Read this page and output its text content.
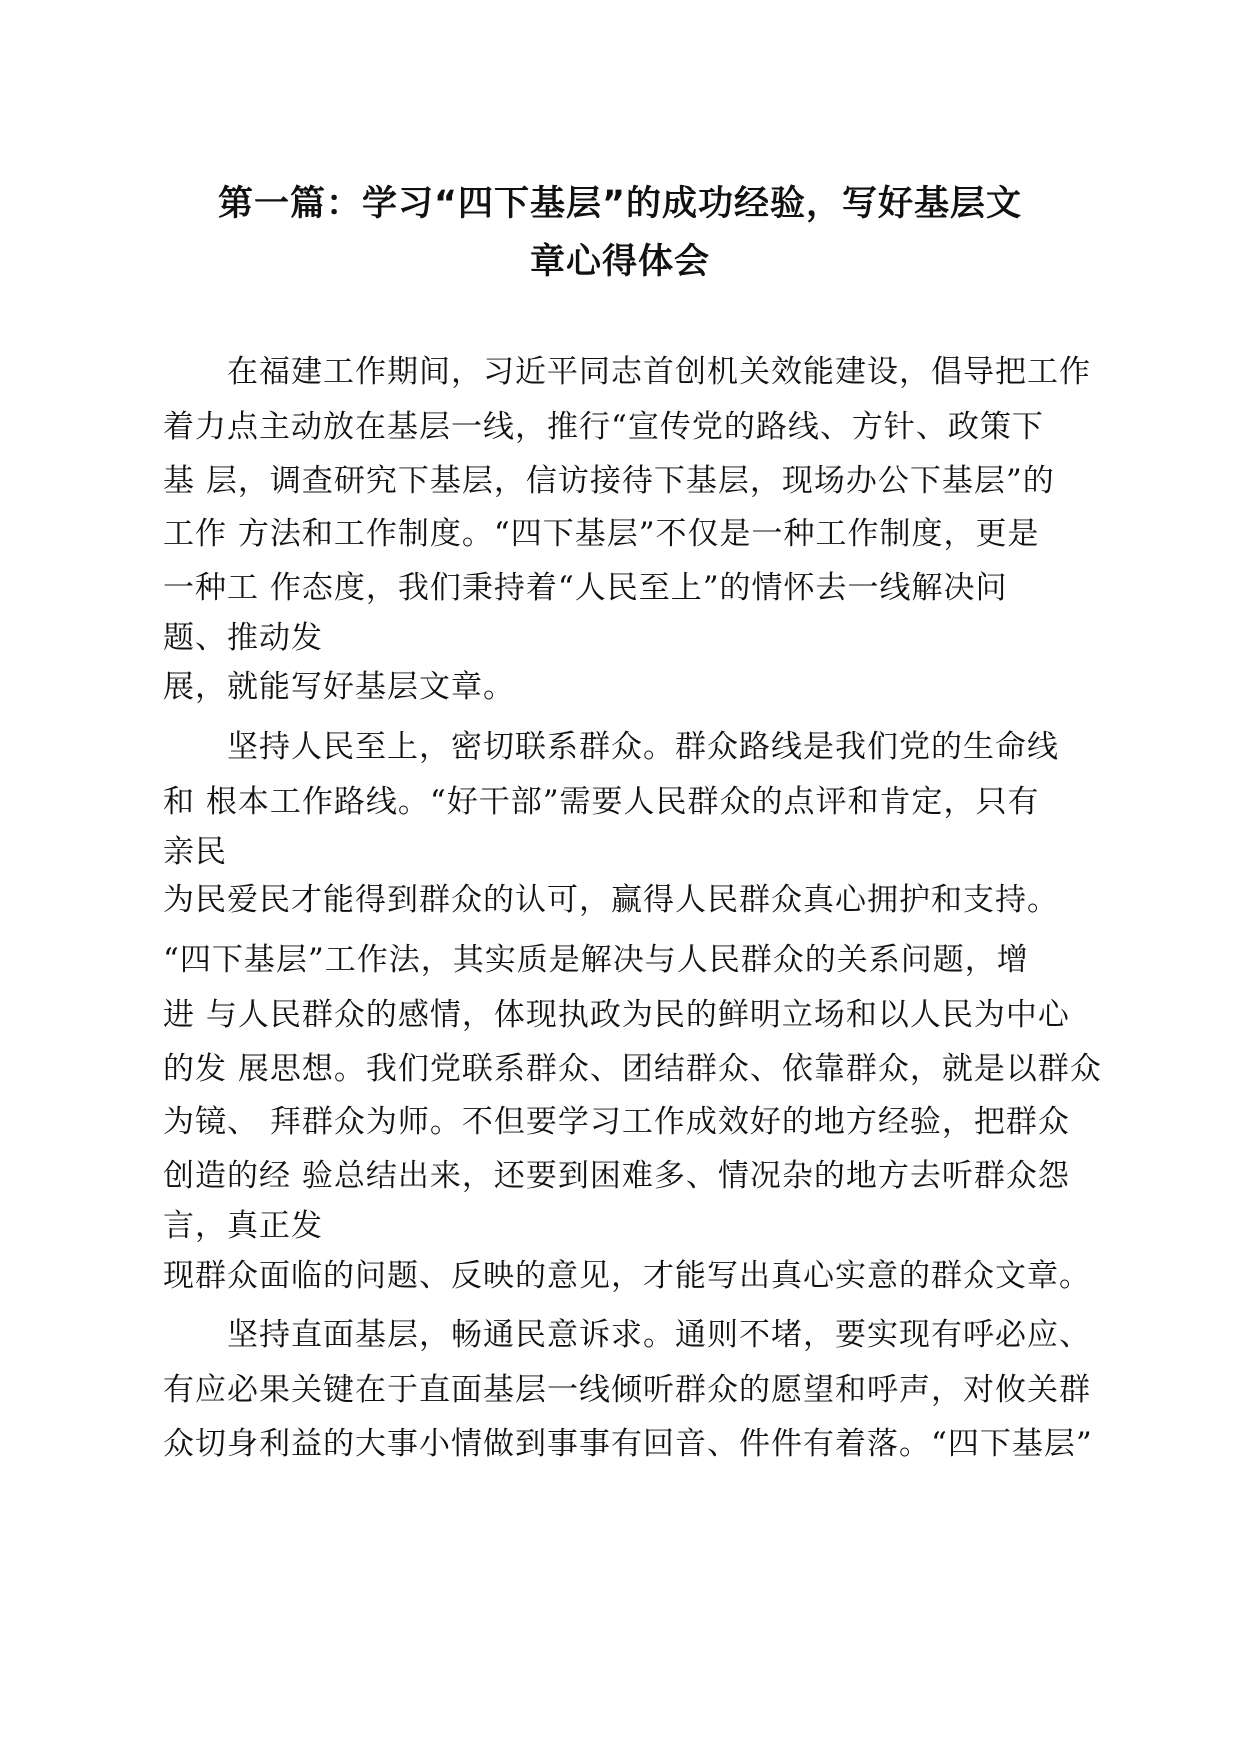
第一篇：学习“四下基层”的成功经验，写好基层文
章心得体会
在福建工作期间，习近平同志首创机关效能建设，倡导把工作
着力点主动放在基层一线，推行“宣传党的路线、方针、政策下
基 层，调查研究下基层，信访接待下基层，现场办公下基层”的
工作 方法和工作制度。“四下基层”不仅是一种工作制度，更是
一种工 作态度，我们秉持着“人民至上”的情怀去一线解决问
题、推动发
展，就能写好基层文章。
坚持人民至上，密切联系群众。群众路线是我们党的生命线
和 根本工作路线。“好干部”需要人民群众的点评和肯定，只有
亲民
为民爱民才能得到群众的认可，赢得人民群众真心拥护和支持。
“四下基层”工作法，其实质是解决与人民群众的关系问题，增
进 与人民群众的感情，体现执政为民的鲜明立场和以人民为中心
的发 展思想。我们党联系群众、团结群众、依靠群众，就是以群众
为镜、 拜群众为师。不但要学习工作成效好的地方经验，把群众
创造的经 验总结出来，还要到困难多、情况杂的地方去听群众怨
言，真正发
现群众面临的问题、反映的意见，才能写出真心实意的群众文章。
坚持直面基层，畅通民意诉求。通则不堵，要实现有呼必应、
有应必果关键在于直面基层一线倾听群众的愿望和呼声，对攸关群
众切身利益的大事小情做到事事有回音、件件有着落。“四下基层”
